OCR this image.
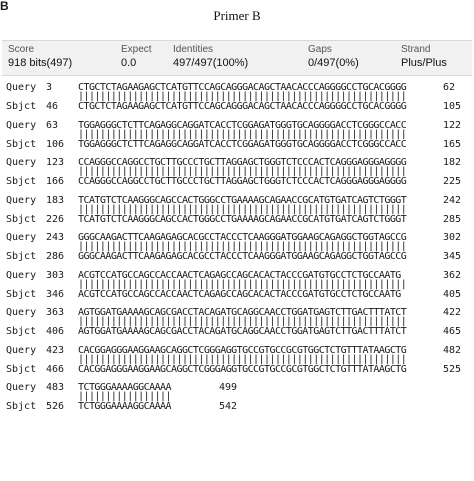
B
Primer B
Score
918 bits(497)
Expect
0.0
Identities
497/497(100%)
Gaps
0/497(0%)
Strand
Plus/Plus
Query 3	CTGCTCTAGAAGAGCTCATGTTCCAGCAGGGACAGCTAACACCCAGGGGCCTGCACGGGG	62
||||||||||||||||||||||||||||||||||||||||||||||||||||||||||||
Sbjct 46	CTGCTCTAGAAGAGCTCATGTTCCAGCAGGGACAGCTAACACCCAGGGGCCTGCACGGGG	105
Query 63	TGGAGGGCTCTTCAGAGGCAGGATCACCTCGGAGATGGGTGCAGGGGACCTCGGGCCACC	122
||||||||||||||||||||||||||||||||||||||||||||||||||||||||||||
Sbjct 106	TGGAGGGCTCTTCAGAGGCAGGATCACCTCGGAGATGGGTGCAGGGGACCTCGGGCCACC	165
Query 123	CCAGGGCCAGGCCTGCTTGCCCTGCTTAGGAGCTGGGTCTCCCACTCAGGGAGGGAGGGG	182
||||||||||||||||||||||||||||||||||||||||||||||||||||||||||||
Sbjct 166	CCAGGGCCAGGCCTGCTTGCCCTGCTTAGGAGCTGGGTCTCCCACTCAGGGAGGGAGGGG	225
Query 183	TCATGTCTCAAGGGCAGCCACTGGGCCTGAAAAGCAGAACCGCATGTGATCAGTCTGGGT	242
||||||||||||||||||||||||||||||||||||||||||||||||||||||||||||
Sbjct 226	TCATGTCTCAAGGGCAGCCACTGGGCCTGAAAAGCAGAACCGCATGTGATCAGTCTGGGT	285
Query 243	GGGCAAGACTTCAAGAGAGCACGCCTACCCTCAAGGGATGGAAGCAGAGGCTGGTAGCCG	302
||||||||||||||||||||||||||||||||||||||||||||||||||||||||||||
Sbjct 286	GGGCAAGACTTCAAGAGAGCACGCCTACCCTCAAGGGATGGAAGCAGAGGCTGGTAGCCG	345
Query 303	ACGTCCATGCCAGCCACCAACTCAGAGCCAGCACACTACCCGATGTGCCTCTGCCAATG	362
||||||||||||||||||||||||||||||||||||||||||||||||||||||||||||
Sbjct 346	ACGTCCATGCCAGCCACCAACTCAGAGCCAGCACACTACCCGATGTGCCTCTGCCAATG	405
Query 363	AGTGGATGAAAAGCAGCGACCTACAGATGCAGGCAACCTGGATGAGTCTTGACTTTATCT	422
||||||||||||||||||||||||||||||||||||||||||||||||||||||||||||
Sbjct 406	AGTGGATGAAAAGCAGCGACCTACAGATGCAGGCAACCTGGATGAGTCTTGACTTTATCT	465
Query 423	CACGGAGGGAAGGAAGCAGGCTCGGGAGGTGCCGTGCCGCGTGGCTCTGTTTATAAGCTG	482
||||||||||||||||||||||||||||||||||||||||||||||||||||||||||||
Sbjct 466	CACGGAGGGAAGGAAGCAGGCTCGGGAGGTGCCGTGCCGCGTGGCTCTGTTTATAAGCTG	525
Query 483	TCTGGGAAAAGGCAAAA	499
|||||||||||||||||
Sbjct 526	TCTGGGAAAAGGCAAAA	542
